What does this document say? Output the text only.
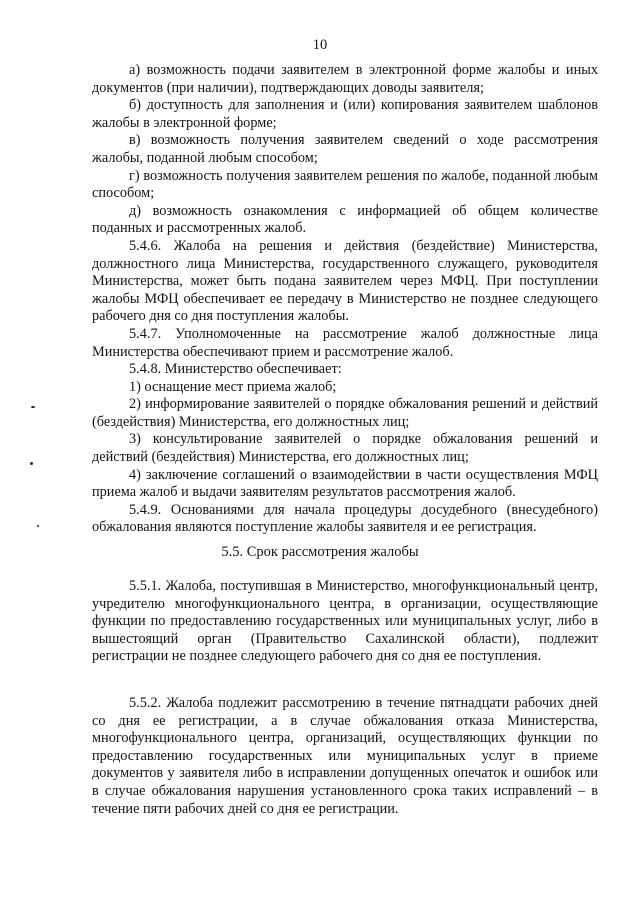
10

а) возможность подачи заявителем в электронной форме жалобы и иных документов (при наличии), подтверждающих доводы заявителя;

б) доступность для заполнения и (или) копирования заявителем шаблонов жалобы в электронной форме;

в) возможность получения заявителем сведений о ходе рассмотрения жалобы, поданной любым способом;

г) возможность получения заявителем решения по жалобе, поданной любым способом;

д) возможность ознакомления с информацией об общем количестве поданных и рассмотренных жалоб.

5.4.6. Жалоба на решения и действия (бездействие) Министерства, должностного лица Министерства, государственного служащего, руководителя Министерства, может быть подана заявителем через МФЦ. При поступлении жалобы МФЦ обеспечивает ее передачу в Министерство не позднее следующего рабочего дня со дня поступления жалобы.

5.4.7. Уполномоченные на рассмотрение жалоб должностные лица Министерства обеспечивают прием и рассмотрение жалоб.

5.4.8. Министерство обеспечивает:

1) оснащение мест приема жалоб;

2) информирование заявителей о порядке обжалования решений и действий (бездействия) Министерства, его должностных лиц;

3) консультирование заявителей о порядке обжалования решений и действий (бездействия) Министерства, его должностных лиц;

4) заключение соглашений о взаимодействии в части осуществления МФЦ приема жалоб и выдачи заявителям результатов рассмотрения жалоб.

5.4.9. Основаниями для начала процедуры досудебного (внесудебного) обжалования являются поступление жалобы заявителя и ее регистрация.

5.5. Срок рассмотрения жалобы

5.5.1. Жалоба, поступившая в Министерство, многофункциональный центр, учредителю многофункционального центра, в организации, осуществляющие функции по предоставлению государственных или муниципальных услуг, либо в вышестоящий орган (Правительство Сахалинской области), подлежит регистрации не позднее следующего рабочего дня со дня ее поступления.

5.5.2. Жалоба подлежит рассмотрению в течение пятнадцати рабочих дней со дня ее регистрации, а в случае обжалования отказа Министерства, многофункционального центра, организаций, осуществляющих функции по предоставлению государственных или муниципальных услуг в приеме документов у заявителя либо в исправлении допущенных опечаток и ошибок или в случае обжалования нарушения установленного срока таких исправлений – в течение пяти рабочих дней со дня ее регистрации.
